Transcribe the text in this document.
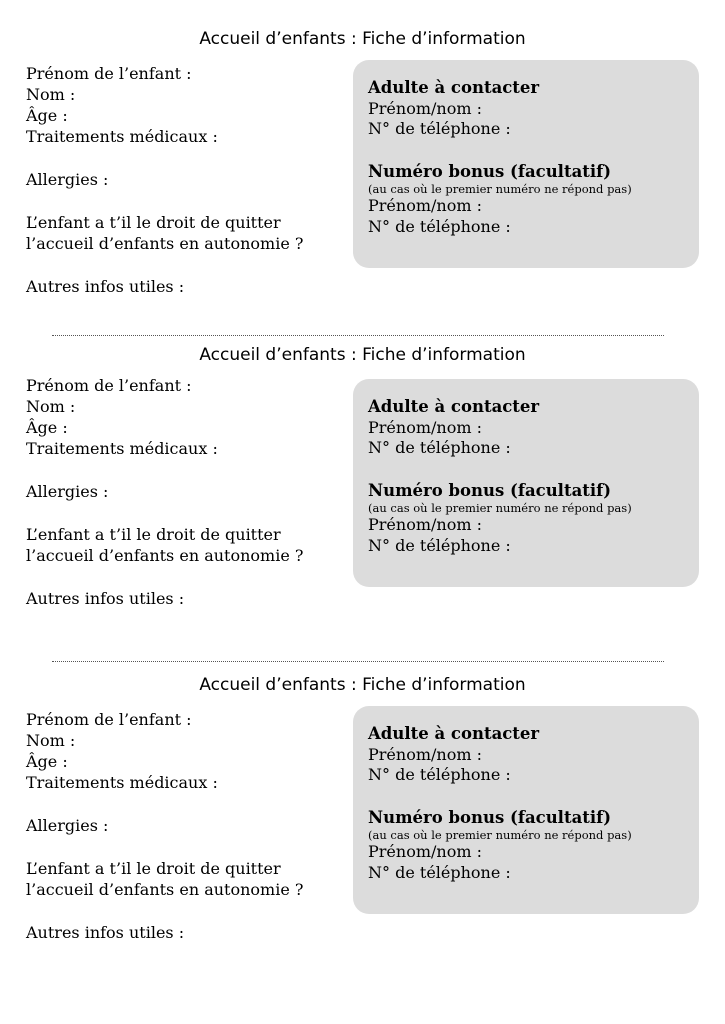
Accueil d’enfants : Fiche d’information
Prénom de l’enfant :
Nom :
Âge :
Traitements médicaux :
Allergies :
L’enfant a t’il le droit de quitter
l’accueil d’enfants en autonomie ?
Autres infos utiles :
Adulte à contacter
Prénom/nom :
N° de téléphone :
Numéro bonus (facultatif)
(au cas où le premier numéro ne répond pas)
Prénom/nom :
N° de téléphone :
Accueil d’enfants : Fiche d’information
Prénom de l’enfant :
Nom :
Âge :
Traitements médicaux :
Allergies :
L’enfant a t’il le droit de quitter
l’accueil d’enfants en autonomie ?
Autres infos utiles :
Adulte à contacter
Prénom/nom :
N° de téléphone :
Numéro bonus (facultatif)
(au cas où le premier numéro ne répond pas)
Prénom/nom :
N° de téléphone :
Accueil d’enfants : Fiche d’information
Prénom de l’enfant :
Nom :
Âge :
Traitements médicaux :
Allergies :
L’enfant a t’il le droit de quitter
l’accueil d’enfants en autonomie ?
Autres infos utiles :
Adulte à contacter
Prénom/nom :
N° de téléphone :
Numéro bonus (facultatif)
(au cas où le premier numéro ne répond pas)
Prénom/nom :
N° de téléphone :
